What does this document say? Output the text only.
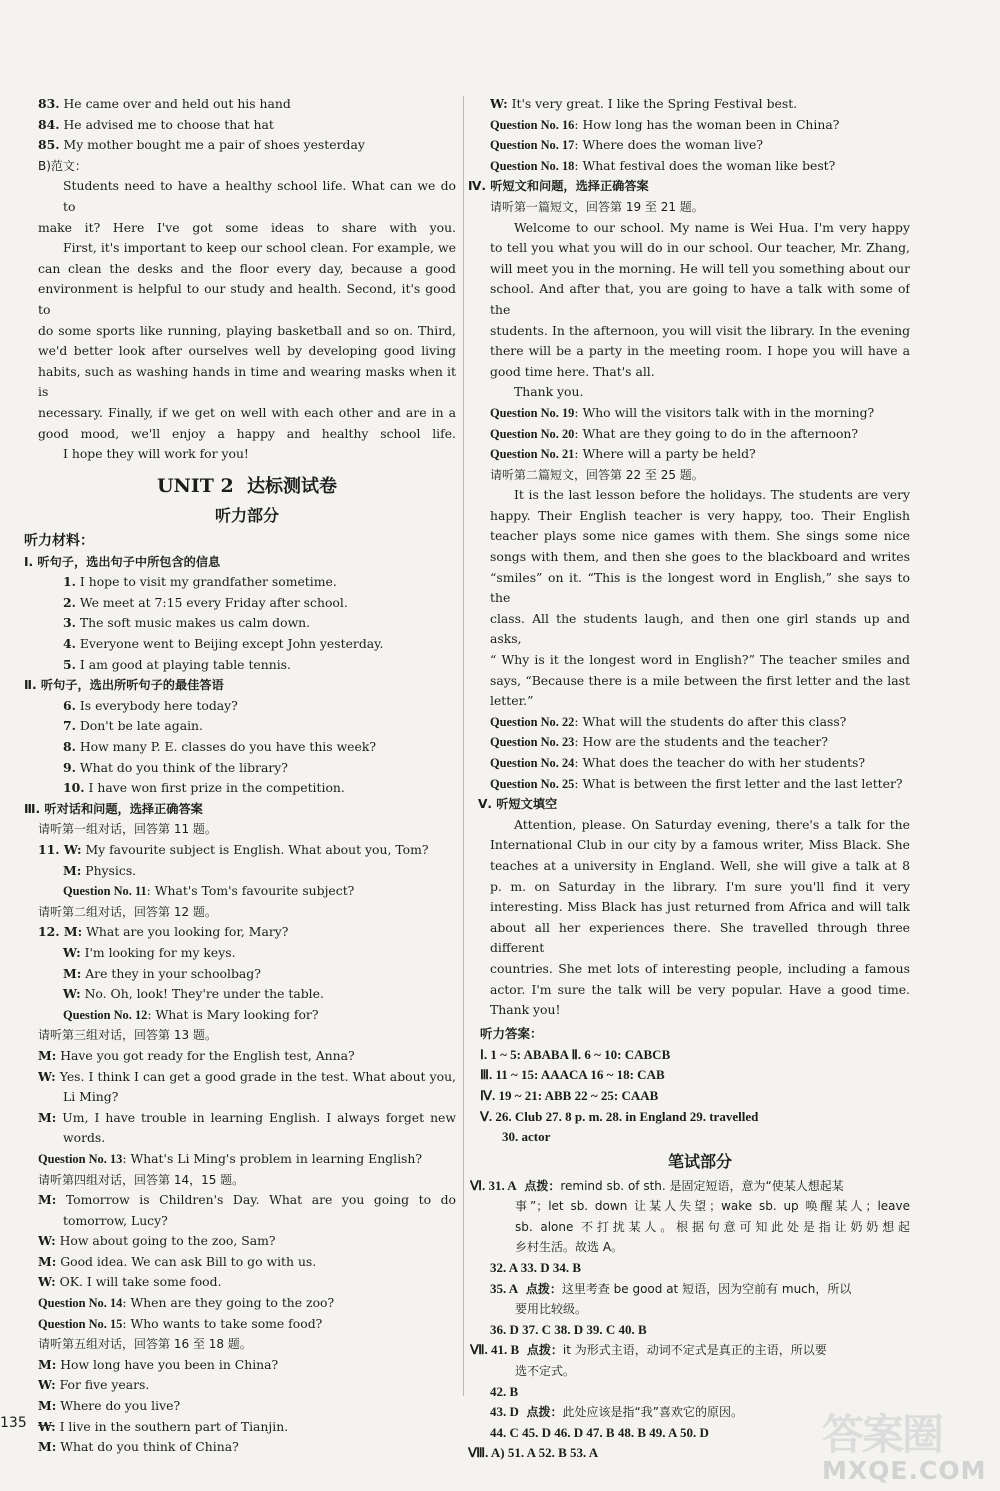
83. He came over and held out his hand
84. He advised me to choose that hat
85. My mother bought me a pair of shoes yesterday
B)范文：
Students need to have a healthy school life. What can we do to
make it? Here I've got some ideas to share with you.
First, it's important to keep our school clean. For example, we
can clean the desks and the floor every day, because a good
environment is helpful to our study and health. Second, it's good to
do some sports like running, playing basketball and so on. Third,
we'd better look after ourselves well by developing good living
habits, such as washing hands in time and wearing masks when it is
necessary. Finally, if we get on well with each other and are in a
good mood, we'll enjoy a happy and healthy school life.
I hope they will work for you!
UNIT 2 达标测试卷
听力部分
听力材料：
Ⅰ. 听句子，选出句子中所包含的信息
1. I hope to visit my grandfather sometime.
2. We meet at 7:15 every Friday after school.
3. The soft music makes us calm down.
4. Everyone went to Beijing except John yesterday.
5. I am good at playing table tennis.
Ⅱ. 听句子，选出所听句子的最佳答语
6. Is everybody here today?
7. Don't be late again.
8. How many P. E. classes do you have this week?
9. What do you think of the library?
10. I have won first prize in the competition.
Ⅲ. 听对话和问题，选择正确答案
请听第一组对话，回答第 11 题。
11. W: My favourite subject is English. What about you, Tom?
M: Physics.
Question No. 11: What's Tom's favourite subject?
请听第二组对话，回答第 12 题。
12. M: What are you looking for, Mary?
W: I'm looking for my keys.
M: Are they in your schoolbag?
W: No. Oh, look! They're under the table.
Question No. 12: What is Mary looking for?
请听第三组对话，回答第 13 题。
M: Have you got ready for the English test, Anna?
W: Yes. I think I can get a good grade in the test. What about you,
Li Ming?
M: Um, I have trouble in learning English. I always forget new
words.
Question No. 13: What's Li Ming's problem in learning English?
请听第四组对话，回答第 14，15 题。
M: Tomorrow is Children's Day. What are you going to do
tomorrow, Lucy?
W: How about going to the zoo, Sam?
M: Good idea. We can ask Bill to go with us.
W: OK. I will take some food.
Question No. 14: When are they going to the zoo?
Question No. 15: Who wants to take some food?
请听第五组对话，回答第 16 至 18 题。
M: How long have you been in China?
W: For five years.
M: Where do you live?
W: I live in the southern part of Tianjin.
M: What do you think of China?
W: It's very great. I like the Spring Festival best.
Question No. 16: How long has the woman been in China?
Question No. 17: Where does the woman live?
Question No. 18: What festival does the woman like best?
Ⅳ. 听短文和问题，选择正确答案
请听第一篇短文，回答第 19 至 21 题。
Welcome to our school. My name is Wei Hua. I'm very happy
to tell you what you will do in our school. Our teacher, Mr. Zhang,
will meet you in the morning. He will tell you something about our
school. And after that, you are going to have a talk with some of the
students. In the afternoon, you will visit the library. In the evening
there will be a party in the meeting room. I hope you will have a
good time here. That's all.
Thank you.
Question No. 19: Who will the visitors talk with in the morning?
Question No. 20: What are they going to do in the afternoon?
Question No. 21: Where will a party be held?
请听第二篇短文，回答第 22 至 25 题。
It is the last lesson before the holidays. The students are very
happy. Their English teacher is very happy, too. Their English
teacher plays some nice games with them. She sings some nice
songs with them, and then she goes to the blackboard and writes
“smiles” on it. “This is the longest word in English,” she says to the
class. All the students laugh, and then one girl stands up and asks,
“ Why is it the longest word in English?” The teacher smiles and
says, “Because there is a mile between the first letter and the last
letter.”
Question No. 22: What will the students do after this class?
Question No. 23: How are the students and the teacher?
Question No. 24: What does the teacher do with her students?
Question No. 25: What is between the first letter and the last letter?
Ⅴ. 听短文填空
Attention, please. On Saturday evening, there's a talk for the
International Club in our city by a famous writer, Miss Black. She
teaches at a university in England. Well, she will give a talk at 8
p. m. on Saturday in the library. I'm sure you'll find it very
interesting. Miss Black has just returned from Africa and will talk
about all her experiences there. She travelled through three different
countries. She met lots of interesting people, including a famous
actor. I'm sure the talk will be very popular. Have a good time.
Thank you!
听力答案：
Ⅰ. 1 ~ 5: ABABA Ⅱ. 6 ~ 10: CABCB
Ⅲ. 11 ~ 15: AAACA 16 ~ 18: CAB
Ⅳ. 19 ~ 21: ABB 22 ~ 25: CAAB
Ⅴ. 26. Club 27. 8 p. m. 28. in England 29. travelled
30. actor
笔试部分
Ⅵ. 31. A 点拨：remind sb. of sth. 是固定短语，意为“使某人想起某
事”；let sb. down 让某人失望；wake sb. up 唤醒某人；leave
sb. alone 不打扰某人。根据句意可知此处是指让奶奶想起
乡村生活。故选 A。
32. A 33. D 34. B
35. A 点拨：这里考查 be good at 短语，因为空前有 much，所以
要用比较级。
36. D 37. C 38. D 39. C 40. B
Ⅶ. 41. B 点拨：it 为形式主语，动词不定式是真正的主语，所以要
选不定式。
42. B
43. D 点拨：此处应该是指“我”喜欢它的原因。
44. C 45. D 46. D 47. B 48. B 49. A 50. D
Ⅷ. A) 51. A 52. B 53. A
135	答案圈
MXQE.COM
